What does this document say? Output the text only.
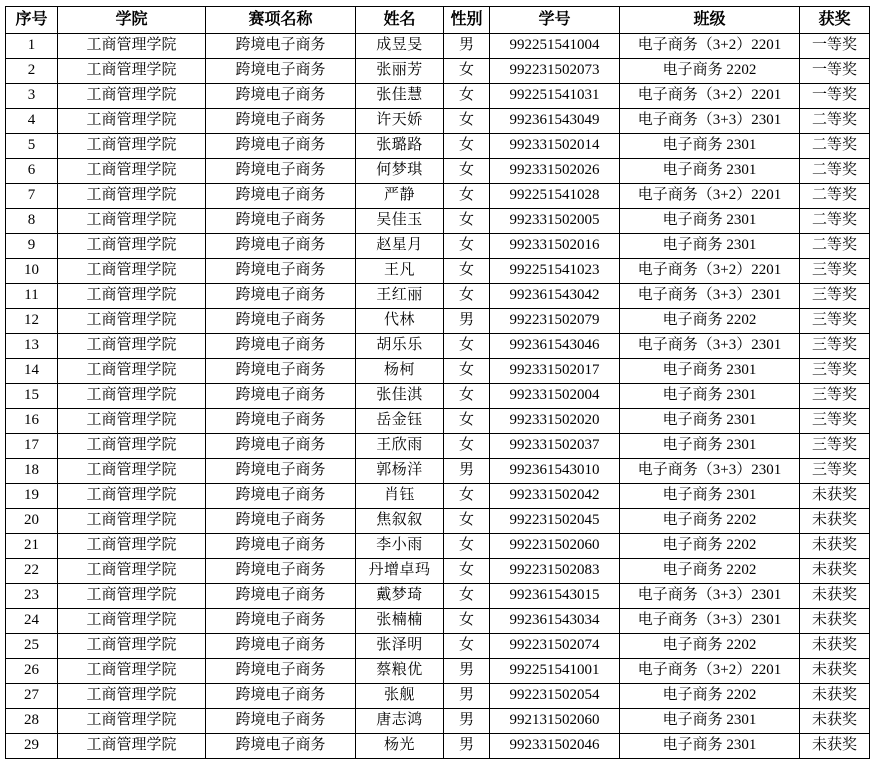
序号	学院	赛项名称	姓名	性别	学号	班级	获奖
1	工商管理学院	跨境电子商务	成昱旻	男	992251541004	电子商务（3+2）2201	一等奖
2	工商管理学院	跨境电子商务	张丽芳	女	992231502073	电子商务 2202	一等奖
3	工商管理学院	跨境电子商务	张佳慧	女	992251541031	电子商务（3+2）2201	一等奖
4	工商管理学院	跨境电子商务	许天娇	女	992361543049	电子商务（3+3）2301	二等奖
5	工商管理学院	跨境电子商务	张璐路	女	992331502014	电子商务 2301	二等奖
6	工商管理学院	跨境电子商务	何梦琪	女	992331502026	电子商务 2301	二等奖
7	工商管理学院	跨境电子商务	严静	女	992251541028	电子商务（3+2）2201	二等奖
8	工商管理学院	跨境电子商务	吴佳玉	女	992331502005	电子商务 2301	二等奖
9	工商管理学院	跨境电子商务	赵星月	女	992331502016	电子商务 2301	二等奖
10	工商管理学院	跨境电子商务	王凡	女	992251541023	电子商务（3+2）2201	三等奖
11	工商管理学院	跨境电子商务	王红丽	女	992361543042	电子商务（3+3）2301	三等奖
12	工商管理学院	跨境电子商务	代林	男	992231502079	电子商务 2202	三等奖
13	工商管理学院	跨境电子商务	胡乐乐	女	992361543046	电子商务（3+3）2301	三等奖
14	工商管理学院	跨境电子商务	杨柯	女	992331502017	电子商务 2301	三等奖
15	工商管理学院	跨境电子商务	张佳淇	女	992331502004	电子商务 2301	三等奖
16	工商管理学院	跨境电子商务	岳金钰	女	992331502020	电子商务 2301	三等奖
17	工商管理学院	跨境电子商务	王欣雨	女	992331502037	电子商务 2301	三等奖
18	工商管理学院	跨境电子商务	郭杨洋	男	992361543010	电子商务（3+3）2301	三等奖
19	工商管理学院	跨境电子商务	肖钰	女	992331502042	电子商务 2301	未获奖
20	工商管理学院	跨境电子商务	焦叙叙	女	992231502045	电子商务 2202	未获奖
21	工商管理学院	跨境电子商务	李小雨	女	992231502060	电子商务 2202	未获奖
22	工商管理学院	跨境电子商务	丹增卓玛	女	992231502083	电子商务 2202	未获奖
23	工商管理学院	跨境电子商务	戴梦琦	女	992361543015	电子商务（3+3）2301	未获奖
24	工商管理学院	跨境电子商务	张楠楠	女	992361543034	电子商务（3+3）2301	未获奖
25	工商管理学院	跨境电子商务	张泽明	女	992231502074	电子商务 2202	未获奖
26	工商管理学院	跨境电子商务	蔡粮优	男	992251541001	电子商务（3+2）2201	未获奖
27	工商管理学院	跨境电子商务	张舰	男	992231502054	电子商务 2202	未获奖
28	工商管理学院	跨境电子商务	唐志鸿	男	992131502060	电子商务 2301	未获奖
29	工商管理学院	跨境电子商务	杨光	男	992331502046	电子商务 2301	未获奖
